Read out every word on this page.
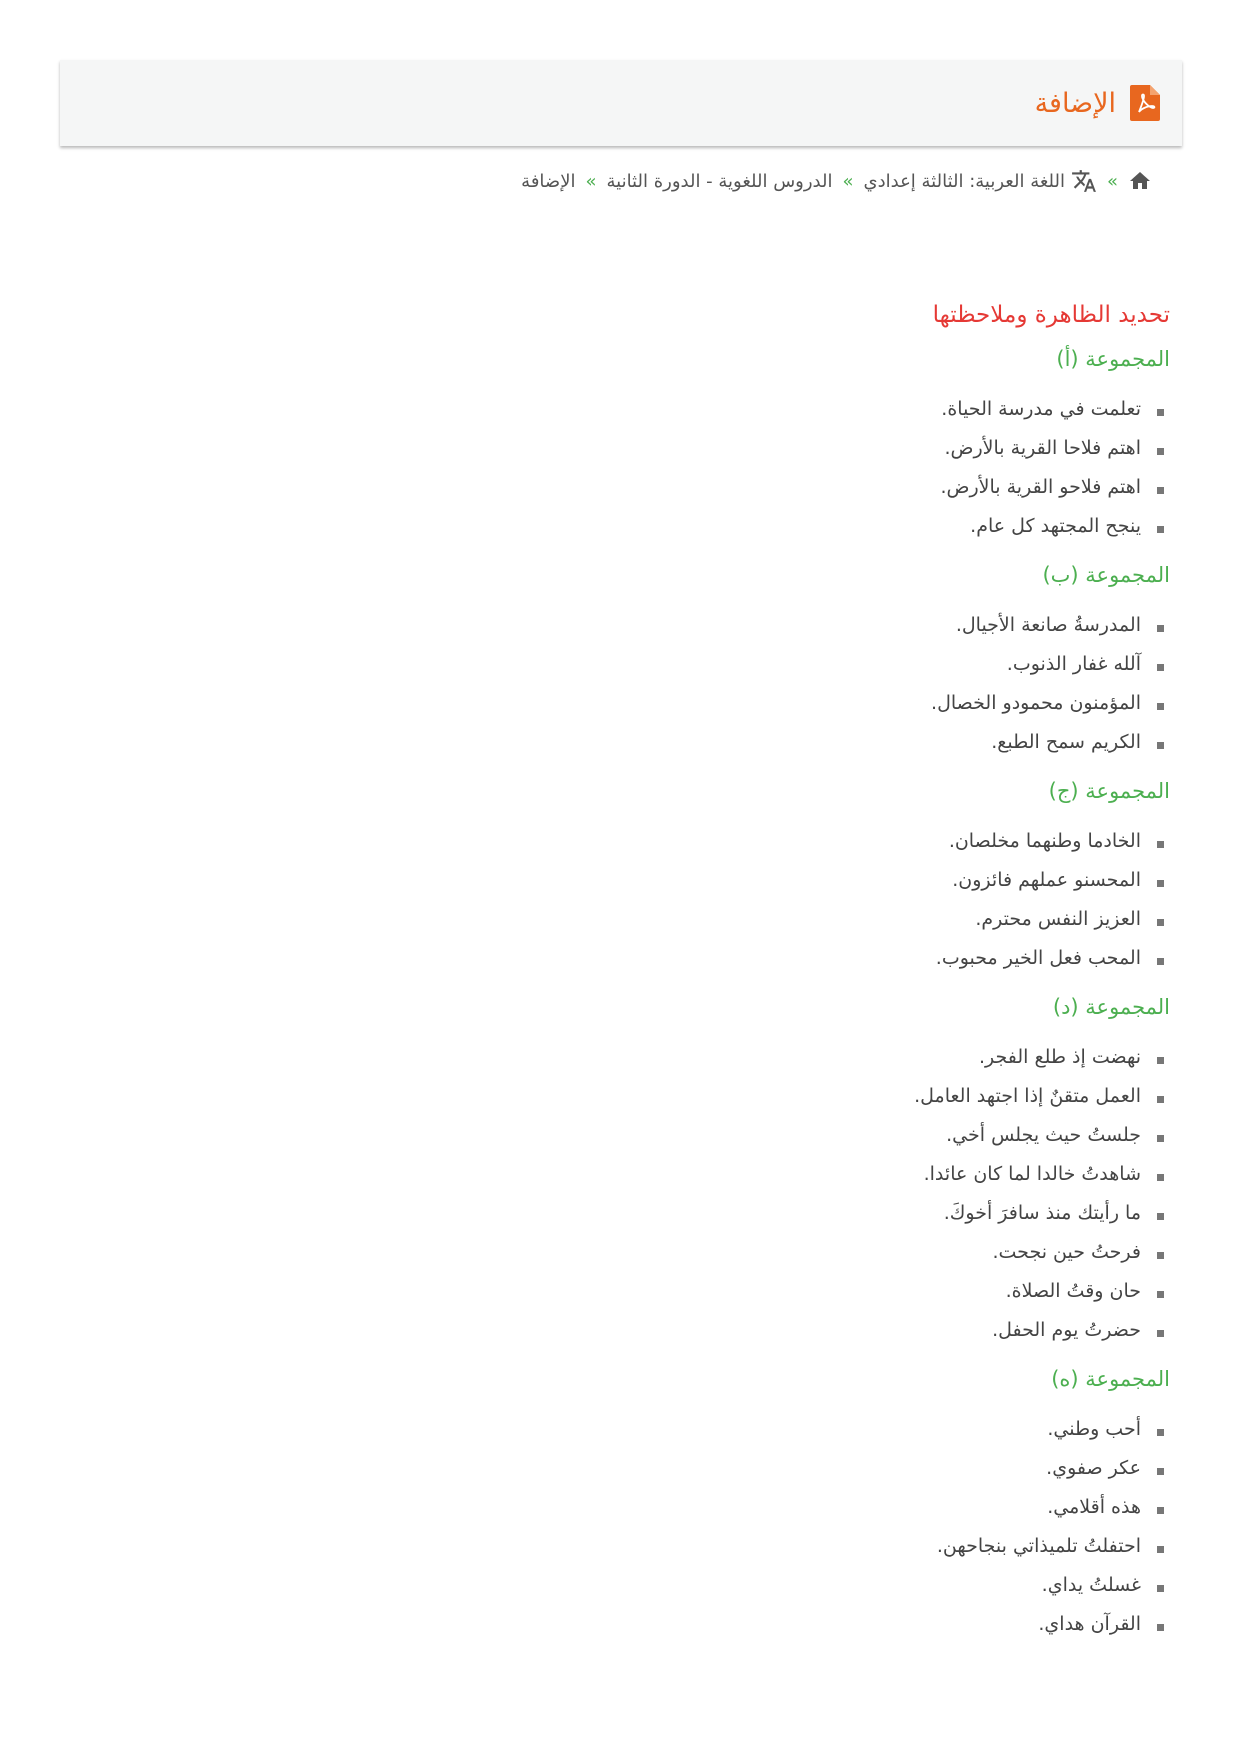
الإضافة
»
اللغة العربية: الثالثة إعدادي
»
الدروس اللغوية - الدورة الثانية
»
الإضافة
تحديد الظاهرة وملاحظتها
المجموعة (أ)
تعلمت في مدرسة الحياة.
اهتم فلاحا القرية بالأرض.
اهتم فلاحو القرية بالأرض.
ينجح المجتهد كل عام.
المجموعة (ب)
المدرسةُ صانعة الأجيال.
آلله غفار الذنوب.
المؤمنون محمودو الخصال.
الكريم سمح الطبع.
المجموعة (ج)
الخادما وطنهما مخلصان.
المحسنو عملهم فائزون.
العزيز النفس محترم.
المحب فعل الخير محبوب.
المجموعة (د)
نهضت إذ طلع الفجر.
العمل متقنٌ إذا اجتهد العامل.
جلستُ حيث يجلس أخي.
شاهدتُ خالدا لما كان عائدا.
ما رأيتك منذ سافرَ أخوكَ.
فرحتُ حين نجحت.
حان وقتُ الصلاة.
حضرتُ يوم الحفل.
المجموعة (ه)
أحب وطني.
عكر صفوي.
هذه أقلامي.
احتفلتُ تلميذاتي بنجاحهن.
غسلتُ يداي.
القرآن هداي.
